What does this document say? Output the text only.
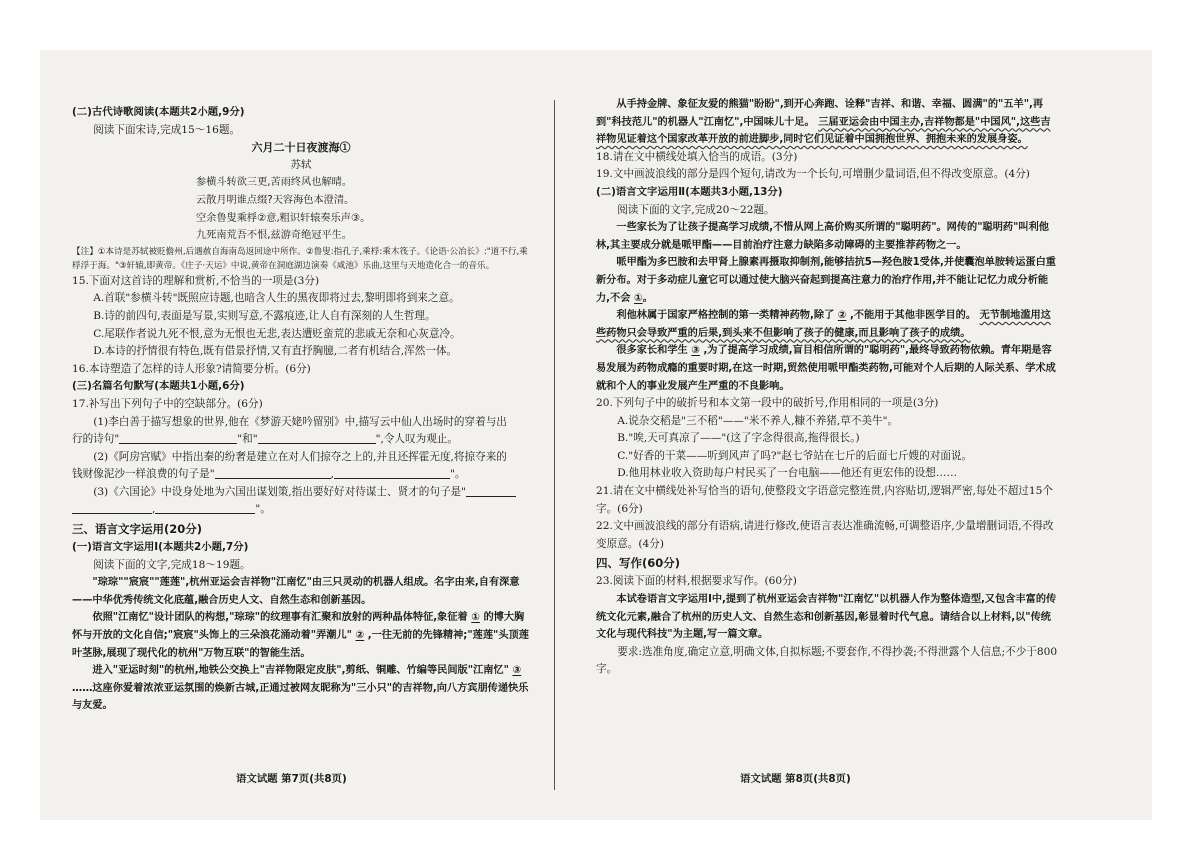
(二)古代诗歌阅读(本题共2小题,9分)

阅读下面宋诗,完成15～16题。

六月二十日夜渡海①

苏轼

参横斗转欲三更,苦雨终风也解晴。

云散月明谁点缀?天容海色本澄清。

空余鲁叟乘桴②意,粗识轩辕奏乐声③。

九死南荒吾不恨,兹游奇绝冠平生。

【注】①本诗是苏轼被贬儋州,后遇赦自海南岛返回途中所作。②鲁叟:指孔子,乘桴:乘木筏子。《论语·公冶长》:"道不行,乘桴浮于海。"③轩辕,即黄帝。《庄子·天运》中说,黄帝在洞庭湖边演奏《咸池》乐曲,这里与天地造化合一的音乐。

15.下面对这首诗的理解和赏析,不恰当的一项是(3分)

A.首联"参横斗转"既照应诗题,也暗含人生的黑夜即将过去,黎明即将到来之意。

B.诗的前四句,表面是写景,实则写意,不露痕迹,让人自有深刻的人生哲理。

C.尾联作者说九死不恨,意为无恨也无悲,表达遭贬蛮荒的悲戚无奈和心灰意冷。

D.本诗的抒情很有特色,既有借景抒情,又有直抒胸臆,二者有机结合,浑然一体。

16.本诗塑造了怎样的诗人形象?请简要分析。(6分)

(三)名篇名句默写(本题共1小题,6分)

17.补写出下列句子中的空缺部分。(6分)

(1)李白善于描写想象的世界,他在《梦游天姥吟留别》中,描写云中仙人出场时的穿着与出

行的诗句"	"和"	",令人叹为观止。

(2)《阿房宫赋》中指出秦的纷奢是建立在对人们掠夺之上的,并且还挥霍无度,将掠夺来的

钱财像泥沙一样浪费的句子是"	,	"。

(3)《六国论》中设身处地为六国出谋划策,指出要好好对待谋士、贤才的句子是"

,	"。

三、语言文字运用(20分)

(一)语言文字运用Ⅰ(本题共2小题,7分)

阅读下面的文字,完成18～19题。

"琮琮""宸宸""莲莲",杭州亚运会吉祥物"江南忆"由三只灵动的机器人组成。名字由来,自有深意——中华优秀传统文化底蕴,融合历史人文、自然生态和创新基因。

依照"江南忆"设计团队的构想,"琮琮"的纹理事有汇聚和放射的两种晶体特征,象征着 ① 的博大胸怀与开放的文化自信;"宸宸"头饰上的三朵浪花涌动着"弄潮儿" ② ,一往无前的先锋精神;"莲莲"头顶莲叶茎脉,展现了现代化的杭州"万物互联"的智能生活。

进入"亚运时刻"的杭州,地铁公交换上"吉祥物限定皮肤",剪纸、铜雕、竹编等民间版"江南忆" ③ ……这座你爱着浓浓亚运氛围的焕新古城,正通过被网友昵称为"三小只"的吉祥物,向八方宾朋传递快乐与友爱。

语文试题 第7页(共8页)

从手持金牌、象征友爱的熊猫"盼盼",到开心奔跑、诠释"吉祥、和谐、幸福、圆满"的"五羊",再到"科技范儿"的机器人"江南忆",中国味儿十足。 三届亚运会由中国主办,吉祥物都是"中国风",这些吉祥物见证着这个国家改革开放的前进脚步,同时它们见证着中国拥抱世界、拥抱未来的发展身姿。

18.请在文中横线处填入恰当的成语。(3分)

19.文中画波浪线的部分是四个短句,请改为一个长句,可增删少量词语,但不得改变原意。(4分)

(二)语言文字运用Ⅱ(本题共3小题,13分)

阅读下面的文字,完成20～22题。

一些家长为了让孩子提高学习成绩,不惜从网上高价购买所谓的"聪明药"。网传的"聪明药"叫利他林,其主要成分就是哌甲酯——目前治疗注意力缺陷多动障碍的主要推荐药物之一。

哌甲酯为多巴胺和去甲肾上腺素再摄取抑制剂,能够拮抗5—羟色胺1受体,并使囊泡单胺转运蛋白重新分布。对于多动症儿童它可以通过使大脑兴奋起到提高注意力的治疗作用,并不能让记忆力成分析能力,不会 ①。

利他林属于国家严格控制的第一类精神药物,除了 ② ,不能用于其他非医学目的。 无节制地滥用这些药物只会导致严重的后果,到头来不但影响了孩子的健康,而且影响了孩子的成绩。

很多家长和学生 ③ ,为了提高学习成绩,盲目相信所谓的"聪明药",最终导致药物依赖。青年期是容易发展为药物成瘾的重要时期,在这一时期,贸然使用哌甲酯类药物,可能对个人后期的人际关系、学术成就和个人的事业发展产生严重的不良影响。

20.下列句子中的破折号和本文第一段中的破折号,作用相同的一项是(3分)

A.说杂交稻是"三不稻"——"米不养人,糠不养猪,草不美牛"。

B."唉,天可真凉了——"(这了字念得很高,拖得很长。)

C."好香的干菜——听到风声了吗?"赵七爷站在七斤的后面七斤嫂的对面说。

D.他用林业收入资助每户村民买了一台电脑——他还有更宏伟的设想……

21.请在文中横线处补写恰当的语句,使整段文字语意完整连贯,内容贴切,逻辑严密,每处不超过15个字。(6分)

22.文中画波浪线的部分有语病,请进行修改,使语言表达准确流畅,可调整语序,少量增删词语,不得改变原意。(4分)

四、写作(60分)

23.阅读下面的材料,根据要求写作。(60分)

本试卷语言文字运用Ⅰ中,提到了杭州亚运会吉祥物"江南忆"以机器人作为整体造型,又包含丰富的传统文化元素,融合了杭州的历史人文、自然生态和创新基因,彰显着时代气息。请结合以上材料,以"传统文化与现代科技"为主题,写一篇文章。

要求:选准角度,确定立意,明确文体,自拟标题;不要套作,不得抄袭;不得泄露个人信息;不少于800字。

语文试题 第8页(共8页)
